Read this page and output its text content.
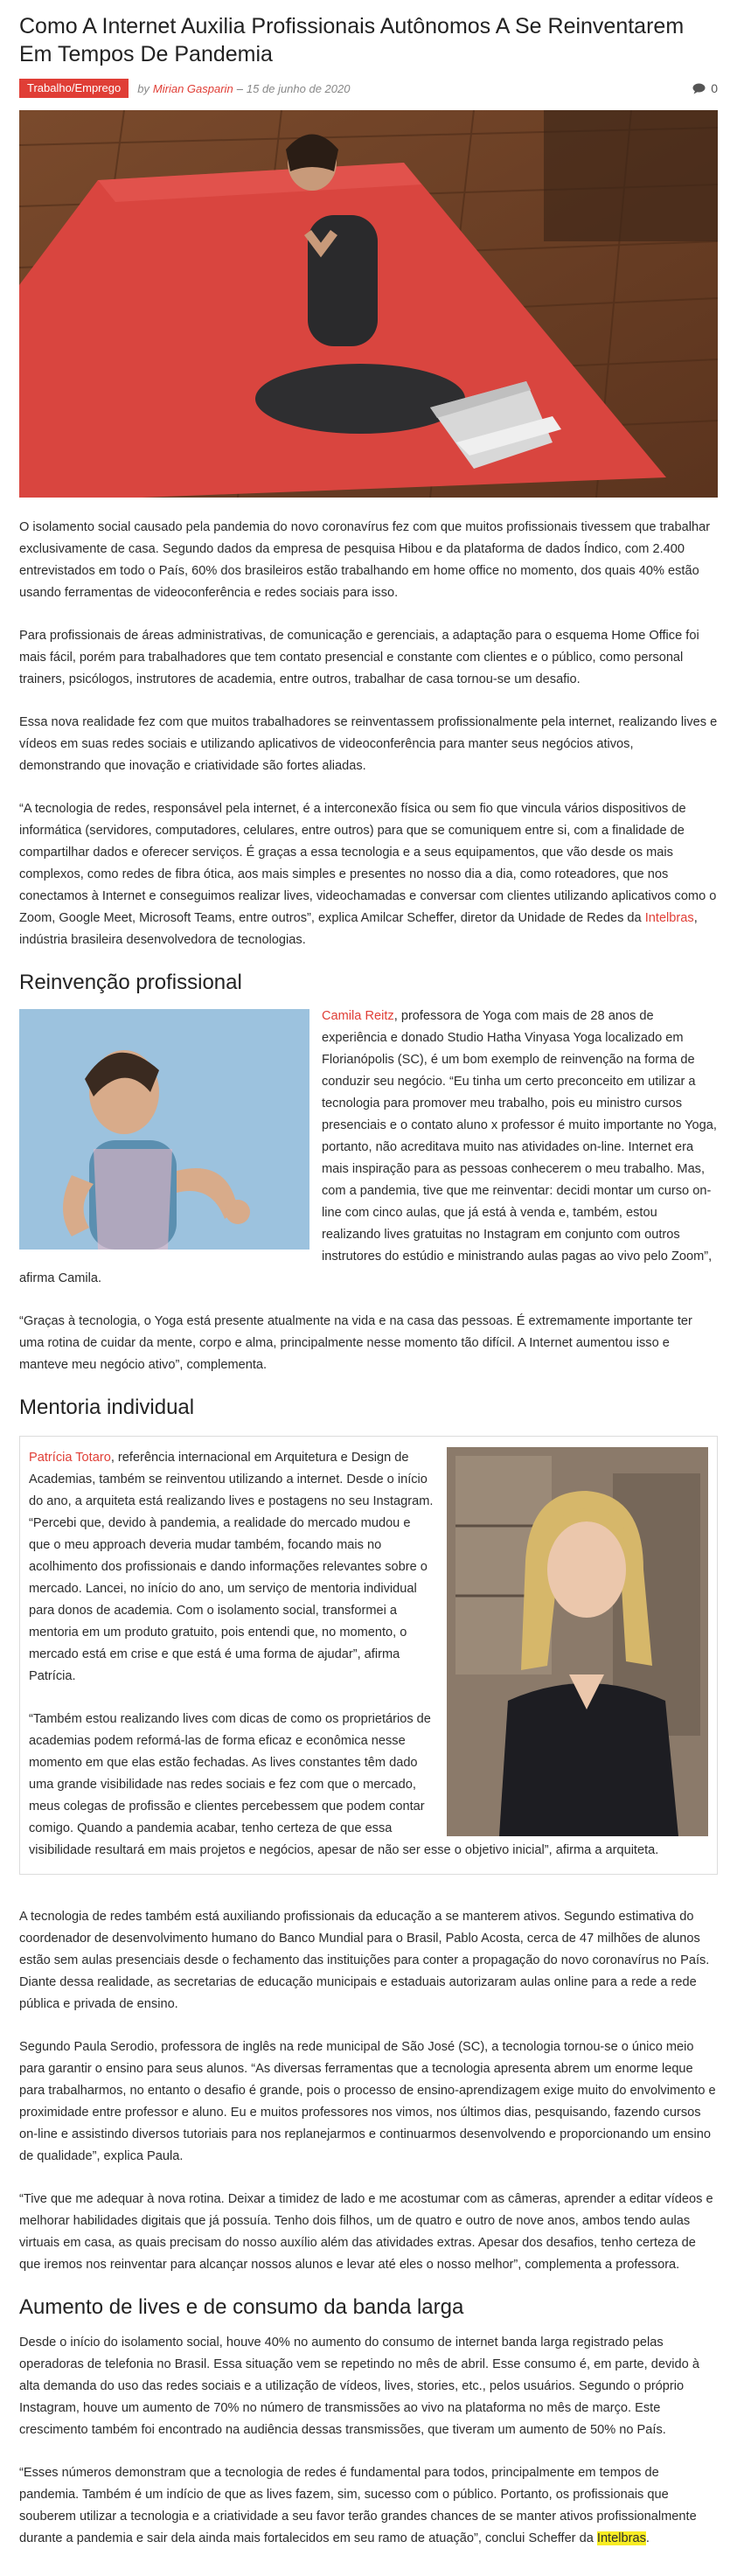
Como A Internet Auxilia Profissionais Autônomos A Se Reinventarem Em Tempos De Pandemia
Trabalho/Emprego	by Mirian Gasparin – 15 de junho de 2020	0

O isolamento social causado pela pandemia do novo coronavírus fez com que muitos profissionais tivessem que trabalhar exclusivamente de casa. Segundo dados da empresa de pesquisa Hibou e da plataforma de dados Índico, com 2.400 entrevistados em todo o País, 60% dos brasileiros estão trabalhando em home office no momento, dos quais 40% estão usando ferramentas de videoconferência e redes sociais para isso.

Para profissionais de áreas administrativas, de comunicação e gerenciais, a adaptação para o esquema Home Office foi mais fácil, porém para trabalhadores que tem contato presencial e constante com clientes e o público, como personal trainers, psicólogos, instrutores de academia, entre outros, trabalhar de casa tornou-se um desafio.

Essa nova realidade fez com que muitos trabalhadores se reinventassem profissionalmente pela internet, realizando lives e vídeos em suas redes sociais e utilizando aplicativos de videoconferência para manter seus negócios ativos, demonstrando que inovação e criatividade são fortes aliadas.

“A tecnologia de redes, responsável pela internet, é a interconexão física ou sem fio que vincula vários dispositivos de informática (servidores, computadores, celulares, entre outros) para que se comuniquem entre si, com a finalidade de compartilhar dados e oferecer serviços. É graças a essa tecnologia e a seus equipamentos, que vão desde os mais complexos, como redes de fibra ótica, aos mais simples e presentes no nosso dia a dia, como roteadores, que nos conectamos à Internet e conseguimos realizar lives, videochamadas e conversar com clientes utilizando aplicativos como o Zoom, Google Meet, Microsoft Teams, entre outros”, explica Amilcar Scheffer, diretor da Unidade de Redes da Intelbras, indústria brasileira desenvolvedora de tecnologias.

Reinvenção profissional

Camila Reitz, professora de Yoga com mais de 28 anos de experiência e donado Studio Hatha Vinyasa Yoga localizado em Florianópolis (SC), é um bom exemplo de reinvenção na forma de conduzir seu negócio. “Eu tinha um certo preconceito em utilizar a tecnologia para promover meu trabalho, pois eu ministro cursos presenciais e o contato aluno x professor é muito importante no Yoga, portanto, não acreditava muito nas atividades on-line. Internet era mais inspiração para as pessoas conhecerem o meu trabalho. Mas, com a pandemia, tive que me reinventar: decidi montar um curso on-line com cinco aulas, que já está à venda e, também, estou realizando lives gratuitas no Instagram em conjunto com outros instrutores do estúdio e ministrando aulas pagas ao vivo pelo Zoom”, afirma Camila.

“Graças à tecnologia, o Yoga está presente atualmente na vida e na casa das pessoas. É extremamente importante ter uma rotina de cuidar da mente, corpo e alma, principalmente nesse momento tão difícil. A Internet aumentou isso e manteve meu negócio ativo”, complementa.

Mentoria individual

Patrícia Totaro, referência internacional em Arquitetura e Design de Academias, também se reinventou utilizando a internet. Desde o início do ano, a arquiteta está realizando lives e postagens no seu Instagram. “Percebi que, devido à pandemia, a realidade do mercado mudou e que o meu approach deveria mudar também, focando mais no acolhimento dos profissionais e dando informações relevantes sobre o mercado. Lancei, no início do ano, um serviço de mentoria individual para donos de academia. Com o isolamento social, transformei a mentoria em um produto gratuito, pois entendi que, no momento, o mercado está em crise e que está é uma forma de ajudar”, afirma Patrícia.

“Também estou realizando lives com dicas de como os proprietários de academias podem reformá-las de forma eficaz e econômica nesse momento em que elas estão fechadas. As lives constantes têm dado uma grande visibilidade nas redes sociais e fez com que o mercado, meus colegas de profissão e clientes percebessem que podem contar comigo. Quando a pandemia acabar, tenho certeza de que essa visibilidade resultará em mais projetos e negócios, apesar de não ser esse o objetivo inicial”, afirma a arquiteta.

A tecnologia de redes também está auxiliando profissionais da educação a se manterem ativos. Segundo estimativa do coordenador de desenvolvimento humano do Banco Mundial para o Brasil, Pablo Acosta, cerca de 47 milhões de alunos estão sem aulas presenciais desde o fechamento das instituições para conter a propagação do novo coronavírus no País. Diante dessa realidade, as secretarias de educação municipais e estaduais autorizaram aulas online para a rede a rede pública e privada de ensino.

Segundo Paula Serodio, professora de inglês na rede municipal de São José (SC), a tecnologia tornou-se o único meio para garantir o ensino para seus alunos. “As diversas ferramentas que a tecnologia apresenta abrem um enorme leque para trabalharmos, no entanto o desafio é grande, pois o processo de ensino-aprendizagem exige muito do envolvimento e proximidade entre professor e aluno. Eu e muitos professores nos vimos, nos últimos dias, pesquisando, fazendo cursos on-line e assistindo diversos tutoriais para nos replanejarmos e continuarmos desenvolvendo e proporcionando um ensino de qualidade”, explica Paula.

“Tive que me adequar à nova rotina. Deixar a timidez de lado e me acostumar com as câmeras, aprender a editar vídeos e melhorar habilidades digitais que já possuía. Tenho dois filhos, um de quatro e outro de nove anos, ambos tendo aulas virtuais em casa, as quais precisam do nosso auxílio além das atividades extras. Apesar dos desafios, tenho certeza de que iremos nos reinventar para alcançar nossos alunos e levar até eles o nosso melhor”, complementa a professora.

Aumento de lives e de consumo da banda larga

Desde o início do isolamento social, houve 40% no aumento do consumo de internet banda larga registrado pelas operadoras de telefonia no Brasil. Essa situação vem se repetindo no mês de abril. Esse consumo é, em parte, devido à alta demanda do uso das redes sociais e a utilização de vídeos, lives, stories, etc., pelos usuários. Segundo o próprio Instagram, houve um aumento de 70% no número de transmissões ao vivo na plataforma no mês de março. Este crescimento também foi encontrado na audiência dessas transmissões, que tiveram um aumento de 50% no País.

“Esses números demonstram que a tecnologia de redes é fundamental para todos, principalmente em tempos de pandemia. Também é um indício de que as lives fazem, sim, sucesso com o público. Portanto, os profissionais que souberem utilizar a tecnologia e a criatividade a seu favor terão grandes chances de se manter ativos profissionalmente durante a pandemia e sair dela ainda mais fortalecidos em seu ramo de atuação”, conclui Scheffer da Intelbras.
